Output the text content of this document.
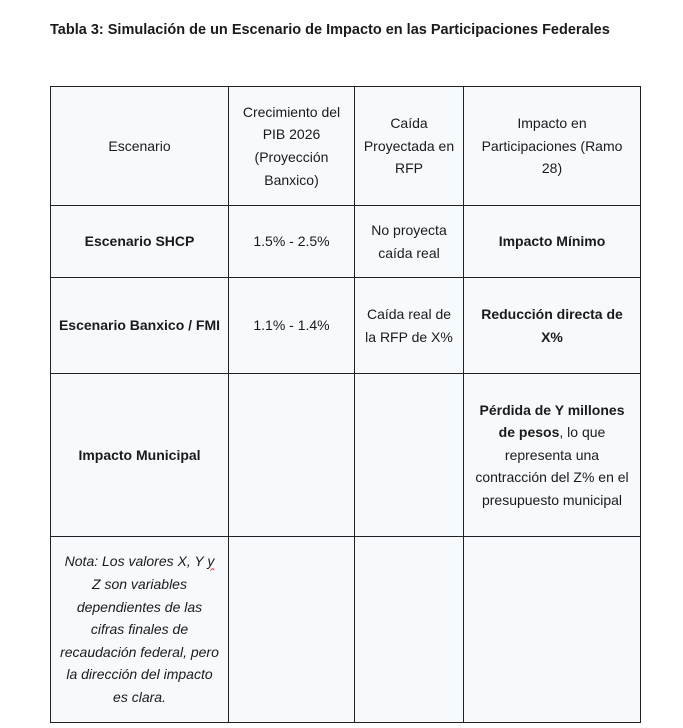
Tabla 3: Simulación de un Escenario de Impacto en las Participaciones Federales
Escenario	Crecimiento del PIB 2026 (Proyección Banxico)	Caída Proyectada en RFP	Impacto en Participaciones (Ramo 28)
Escenario SHCP	1.5% - 2.5%	No proyecta caída real	Impacto Mínimo
Escenario Banxico / FMI	1.1% - 1.4%	Caída real de la RFP de X%	Reducción directa de X%
Impacto Municipal			Pérdida de Y millones de pesos, lo que representa una contracción del Z% en el presupuesto municipal
Nota: Los valores X, Y y Z son variables dependientes de las cifras finales de recaudación federal, pero la dirección del impacto es clara.			
